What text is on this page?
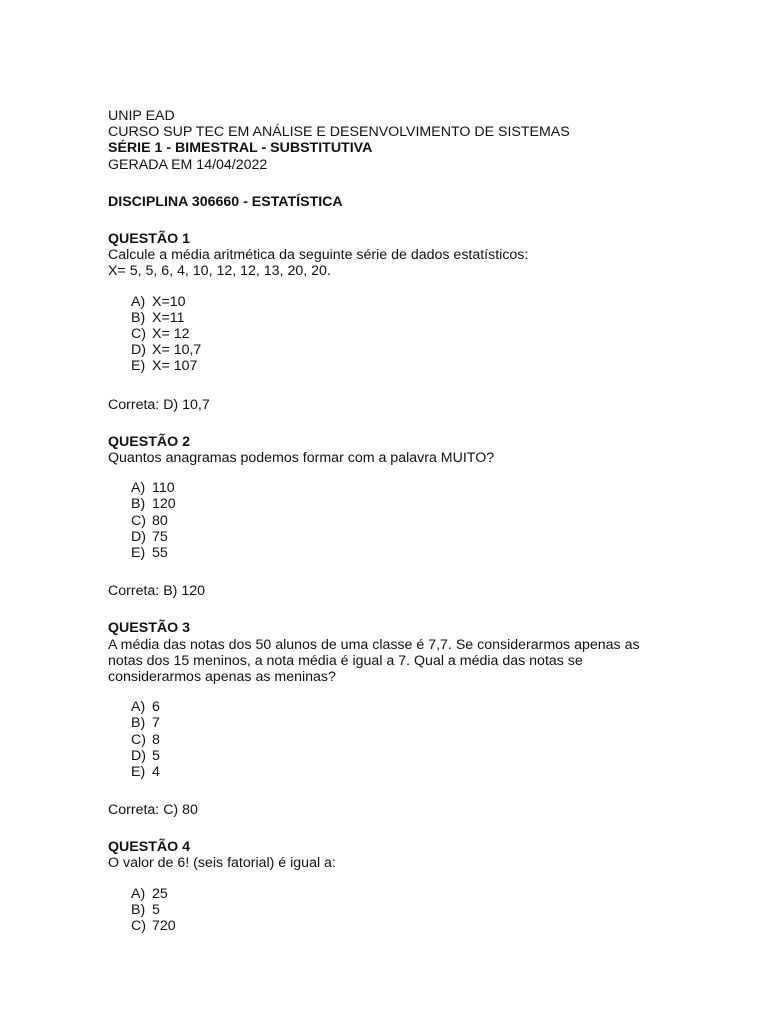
UNIP EAD
CURSO SUP TEC EM ANÁLISE E DESENVOLVIMENTO DE SISTEMAS
SÉRIE 1 - BIMESTRAL - SUBSTITUTIVA
GERADA EM 14/04/2022
DISCIPLINA 306660 - ESTATÍSTICA
QUESTÃO 1
Calcule a média aritmética da seguinte série de dados estatísticos:
X= 5, 5, 6, 4, 10, 12, 12, 13, 20, 20.
A) X=10
B) X=11
C) X= 12
D) X= 10,7
E) X= 107
Correta: D) 10,7
QUESTÃO 2
Quantos anagramas podemos formar com a palavra MUITO?
A) 110
B) 120
C) 80
D) 75
E) 55
Correta: B) 120
QUESTÃO 3
A média das notas dos 50 alunos de uma classe é 7,7. Se considerarmos apenas as
notas dos 15 meninos, a nota média é igual a 7. Qual a média das notas se
considerarmos apenas as meninas?
A) 6
B) 7
C) 8
D) 5
E) 4
Correta: C) 80
QUESTÃO 4
O valor de 6! (seis fatorial) é igual a:
A) 25
B) 5
C) 720
